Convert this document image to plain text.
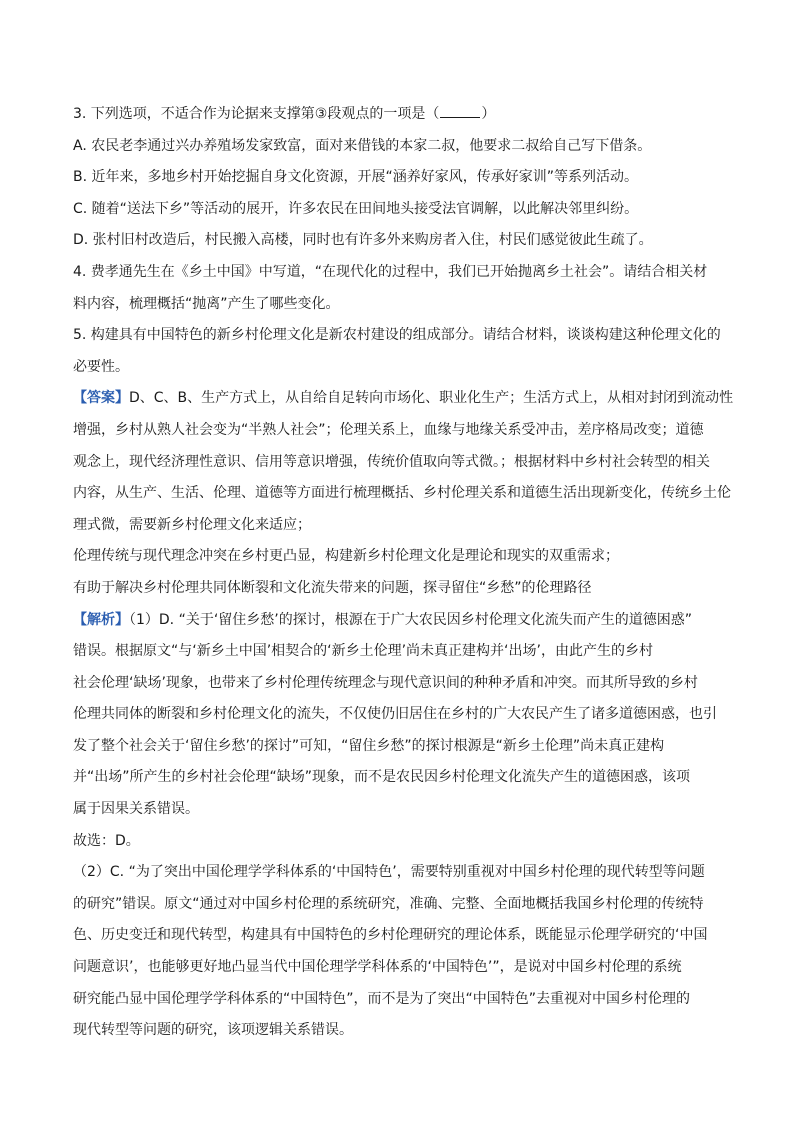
3. 下列选项，不适合作为论据来支撑第③段观点的一项是（	）
A. 农民老李通过兴办养殖场发家致富，面对来借钱的本家二叔，他要求二叔给自己写下借条。
B. 近年来，多地乡村开始挖掘自身文化资源，开展“涵养好家风，传承好家训”等系列活动。
C. 随着“送法下乡”等活动的展开，许多农民在田间地头接受法官调解，以此解决邻里纠纷。
D. 张村旧村改造后，村民搬入高楼，同时也有许多外来购房者入住，村民们感觉彼此生疏了。
4. 费孝通先生在《乡土中国》中写道，“在现代化的过程中，我们已开始抛离乡土社会”。请结合相关材
料内容，梳理概括“抛离”产生了哪些变化。
5. 构建具有中国特色的新乡村伦理文化是新农村建设的组成部分。请结合材料，谈谈构建这种伦理文化的
必要性。
【答案】D、C、B、生产方式上，从自给自足转向市场化、职业化生产；生活方式上，从相对封闭到流动性
增强，乡村从熟人社会变为“半熟人社会”；伦理关系上，血缘与地缘关系受冲击，差序格局改变；道德
观念上，现代经济理性意识、信用等意识增强，传统价值取向等式微。；根据材料中乡村社会转型的相关
内容，从生产、生活、伦理、道德等方面进行梳理概括、乡村伦理关系和道德生活出现新变化，传统乡土伦
理式微，需要新乡村伦理文化来适应；
伦理传统与现代理念冲突在乡村更凸显，构建新乡村伦理文化是理论和现实的双重需求；
有助于解决乡村伦理共同体断裂和文化流失带来的问题，探寻留住“乡愁”的伦理路径
【解析】（1）D. “关于‘留住乡愁’的探讨，根源在于广大农民因乡村伦理文化流失而产生的道德困惑”
错误。根据原文“与‘新乡土中国’相契合的‘新乡土伦理’尚未真正建构并‘出场’，由此产生的乡村
社会伦理‘缺场’现象，也带来了乡村伦理传统理念与现代意识间的种种矛盾和冲突。而其所导致的乡村
伦理共同体的断裂和乡村伦理文化的流失，不仅使仍旧居住在乡村的广大农民产生了诸多道德困惑，也引
发了整个社会关于‘留住乡愁’的探讨”可知，“留住乡愁”的探讨根源是“新乡土伦理”尚未真正建构
并“出场”所产生的乡村社会伦理“缺场”现象，而不是农民因乡村伦理文化流失产生的道德困惑，该项
属于因果关系错误。
故选：D。
（2）C. “为了突出中国伦理学学科体系的‘中国特色’，需要特别重视对中国乡村伦理的现代转型等问题
的研究”错误。原文“通过对中国乡村伦理的系统研究，准确、完整、全面地概括我国乡村伦理的传统特
色、历史变迁和现代转型，构建具有中国特色的乡村伦理研究的理论体系，既能显示伦理学研究的‘中国
问题意识’，也能够更好地凸显当代中国伦理学学科体系的‘中国特色’”，是说对中国乡村伦理的系统
研究能凸显中国伦理学学科体系的“中国特色”，而不是为了突出“中国特色”去重视对中国乡村伦理的
现代转型等问题的研究，该项逻辑关系错误。
